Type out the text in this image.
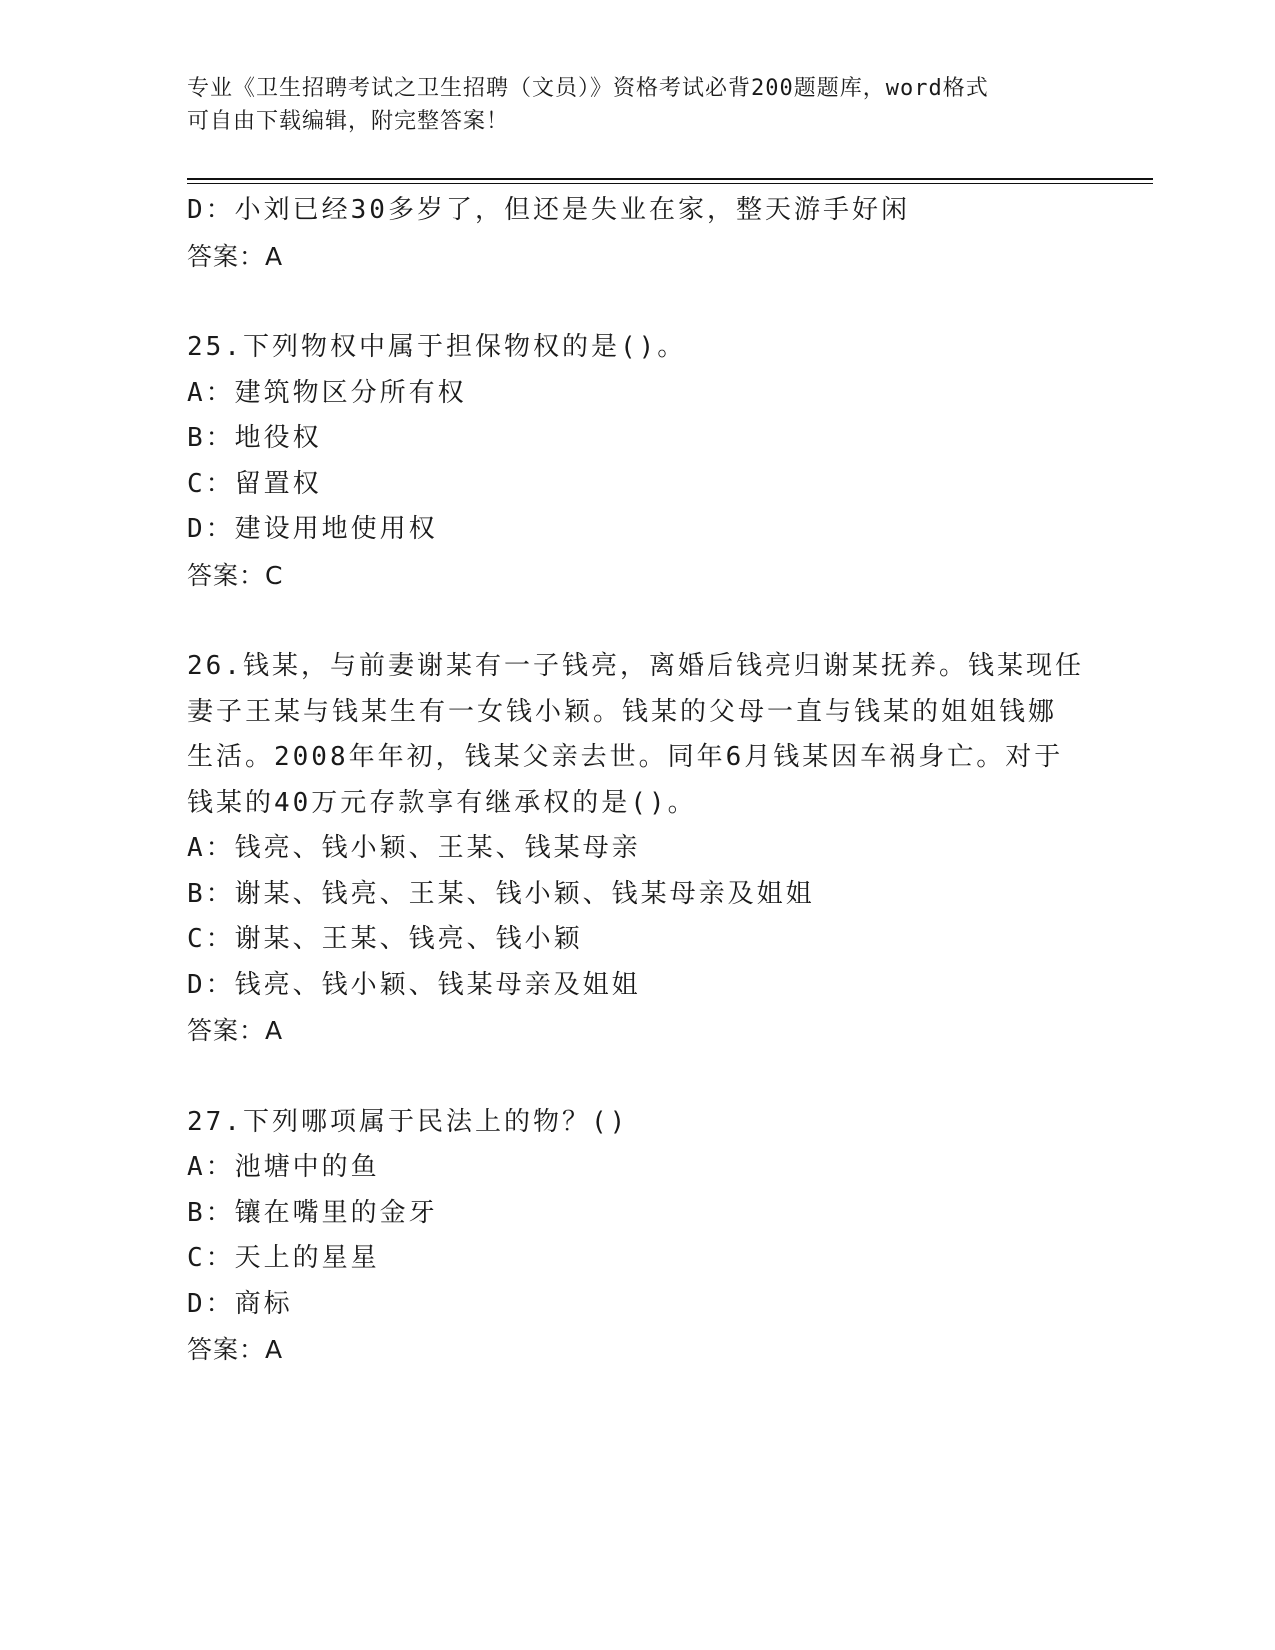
专业《卫生招聘考试之卫生招聘（文员）》资格考试必背200题题库，word格式
可自由下载编辑，附完整答案！
D：小刘已经30多岁了，但还是失业在家，整天游手好闲
答案：A
25.下列物权中属于担保物权的是()。
A：建筑物区分所有权
B：地役权
C：留置权
D：建设用地使用权
答案：C
26.钱某，与前妻谢某有一子钱亮，离婚后钱亮归谢某抚养。钱某现任
妻子王某与钱某生有一女钱小颖。钱某的父母一直与钱某的姐姐钱娜
生活。2008年年初，钱某父亲去世。同年6月钱某因车祸身亡。对于
钱某的40万元存款享有继承权的是()。
A：钱亮、钱小颖、王某、钱某母亲
B：谢某、钱亮、王某、钱小颖、钱某母亲及姐姐
C：谢某、王某、钱亮、钱小颖
D：钱亮、钱小颖、钱某母亲及姐姐
答案：A
27.下列哪项属于民法上的物？()
A：池塘中的鱼
B：镶在嘴里的金牙
C：天上的星星
D：商标
答案：A
